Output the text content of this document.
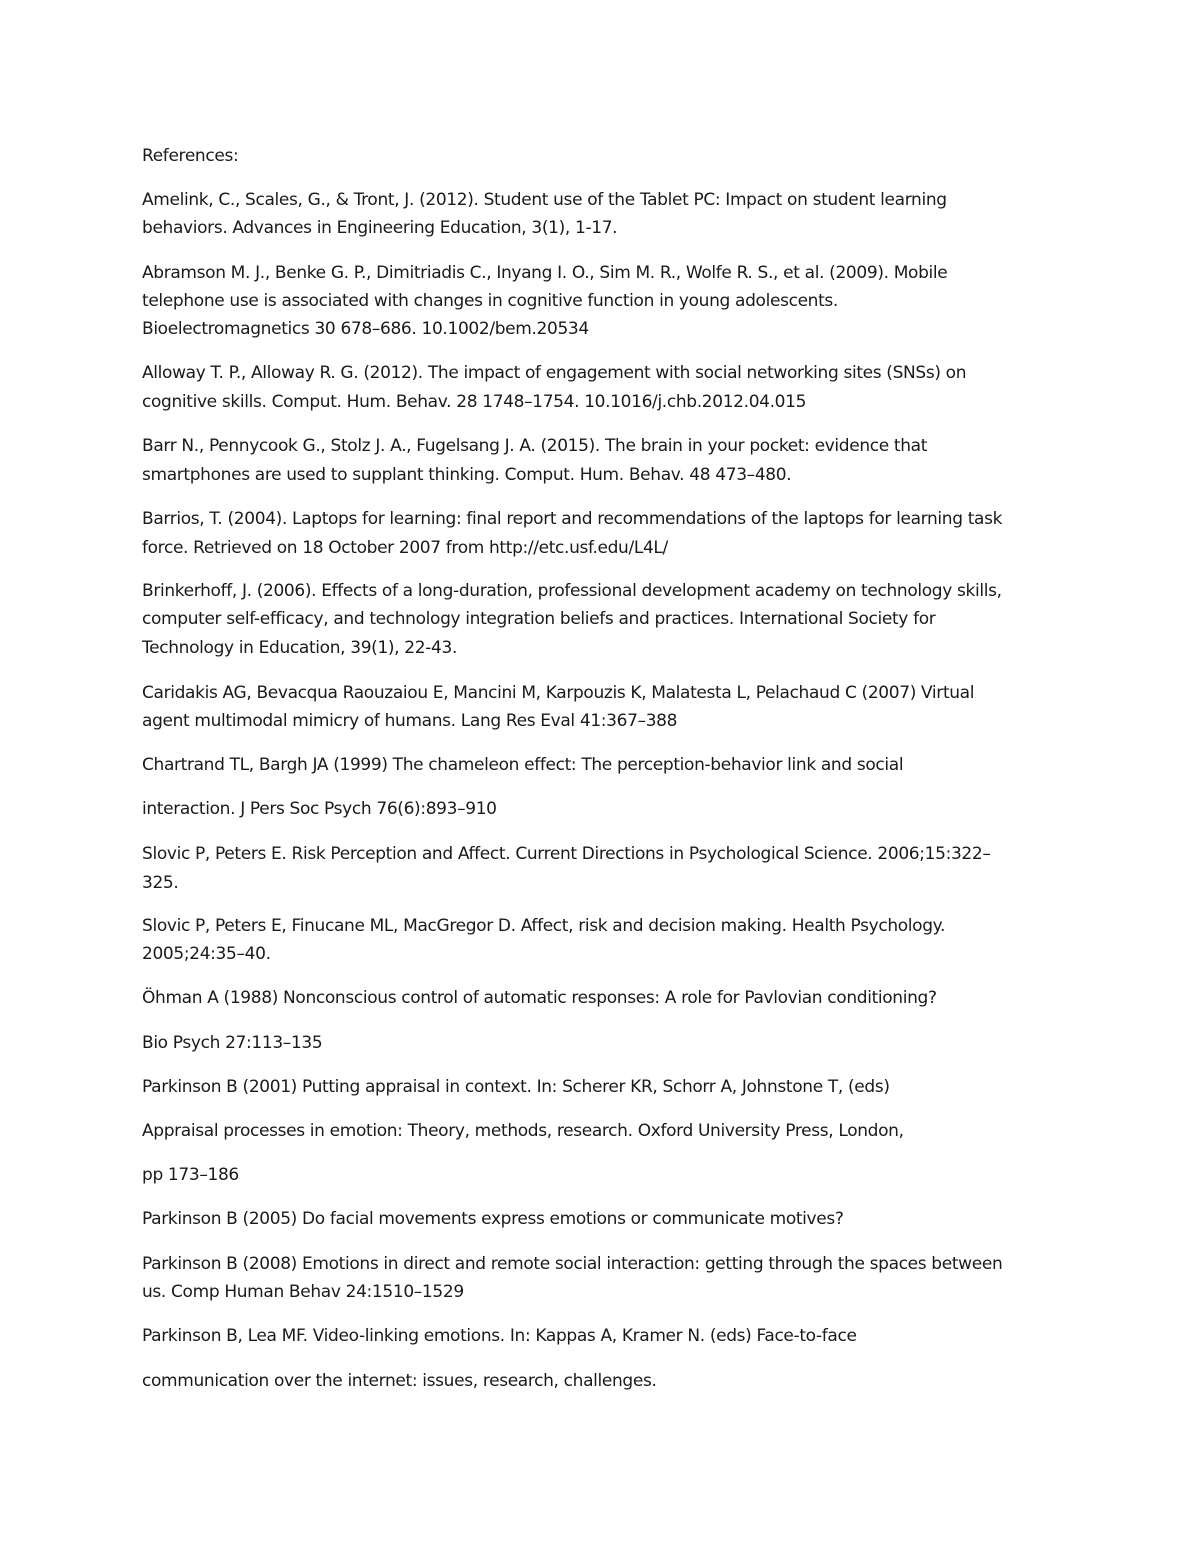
References:
Amelink, C., Scales, G., & Tront, J. (2012). Student use of the Tablet PC: Impact on student learning
behaviors. Advances in Engineering Education, 3(1), 1-17.
Abramson M. J., Benke G. P., Dimitriadis C., Inyang I. O., Sim M. R., Wolfe R. S., et al. (2009). Mobile
telephone use is associated with changes in cognitive function in young adolescents.
Bioelectromagnetics 30 678–686. 10.1002/bem.20534
Alloway T. P., Alloway R. G. (2012). The impact of engagement with social networking sites (SNSs) on
cognitive skills. Comput. Hum. Behav. 28 1748–1754. 10.1016/j.chb.2012.04.015
Barr N., Pennycook G., Stolz J. A., Fugelsang J. A. (2015). The brain in your pocket: evidence that
smartphones are used to supplant thinking. Comput. Hum. Behav. 48 473–480.
Barrios, T. (2004). Laptops for learning: final report and recommendations of the laptops for learning task
force. Retrieved on 18 October 2007 from http://etc.usf.edu/L4L/
Brinkerhoff, J. (2006). Effects of a long-duration, professional development academy on technology skills,
computer self-efficacy, and technology integration beliefs and practices. International Society for
Technology in Education, 39(1), 22-43.
Caridakis AG, Bevacqua Raouzaiou E, Mancini M, Karpouzis K, Malatesta L, Pelachaud C (2007) Virtual
agent multimodal mimicry of humans. Lang Res Eval 41:367–388
Chartrand TL, Bargh JA (1999) The chameleon effect: The perception-behavior link and social
interaction. J Pers Soc Psych 76(6):893–910
Slovic P, Peters E. Risk Perception and Affect. Current Directions in Psychological Science. 2006;15:322–
325.
Slovic P, Peters E, Finucane ML, MacGregor D. Affect, risk and decision making. Health Psychology.
2005;24:35–40.
Öhman A (1988) Nonconscious control of automatic responses: A role for Pavlovian conditioning?
Bio Psych 27:113–135
Parkinson B (2001) Putting appraisal in context. In: Scherer KR, Schorr A, Johnstone T, (eds)
Appraisal processes in emotion: Theory, methods, research. Oxford University Press, London,
pp 173–186
Parkinson B (2005) Do facial movements express emotions or communicate motives?
Parkinson B (2008) Emotions in direct and remote social interaction: getting through the spaces between
us. Comp Human Behav 24:1510–1529
Parkinson B, Lea MF. Video-linking emotions. In: Kappas A, Kramer N. (eds) Face-to-face
communication over the internet: issues, research, challenges.
